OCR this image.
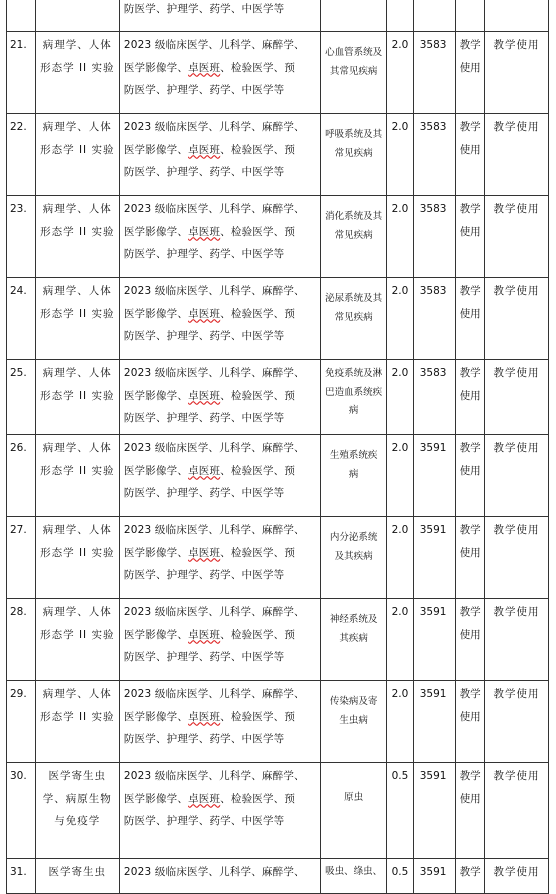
		防医学、护理学、药学、中医学等					

21.	病理学、人体
形态学 II 实验	2023 级临床医学、儿科学、麻醉学、
医学影像学、卓医班、检验医学、预
防医学、护理学、药学、中医学等	心血管系统及
其常见疾病	2.0	3583	教学
使用	教学使用
22.	病理学、人体
形态学 II 实验	2023 级临床医学、儿科学、麻醉学、
医学影像学、卓医班、检验医学、预
防医学、护理学、药学、中医学等	呼吸系统及其
常见疾病	2.0	3583	教学
使用	教学使用
23.	病理学、人体
形态学 II 实验	2023 级临床医学、儿科学、麻醉学、
医学影像学、卓医班、检验医学、预
防医学、护理学、药学、中医学等	消化系统及其
常见疾病	2.0	3583	教学
使用	教学使用
24.	病理学、人体
形态学 II 实验	2023 级临床医学、儿科学、麻醉学、
医学影像学、卓医班、检验医学、预
防医学、护理学、药学、中医学等	泌尿系统及其
常见疾病	2.0	3583	教学
使用	教学使用
25.	病理学、人体
形态学 II 实验	2023 级临床医学、儿科学、麻醉学、
医学影像学、卓医班、检验医学、预
防医学、护理学、药学、中医学等	免疫系统及淋
巴造血系统疾
病	2.0	3583	教学
使用	教学使用
26.	病理学、人体
形态学 II 实验	2023 级临床医学、儿科学、麻醉学、
医学影像学、卓医班、检验医学、预
防医学、护理学、药学、中医学等	生殖系统疾
病	2.0	3591	教学
使用	教学使用
27.	病理学、人体
形态学 II 实验	2023 级临床医学、儿科学、麻醉学、
医学影像学、卓医班、检验医学、预
防医学、护理学、药学、中医学等	内分泌系统
及其疾病	2.0	3591	教学
使用	教学使用
28.	病理学、人体
形态学 II 实验	2023 级临床医学、儿科学、麻醉学、
医学影像学、卓医班、检验医学、预
防医学、护理学、药学、中医学等	神经系统及
其疾病	2.0	3591	教学
使用	教学使用
29.	病理学、人体
形态学 II 实验	2023 级临床医学、儿科学、麻醉学、
医学影像学、卓医班、检验医学、预
防医学、护理学、药学、中医学等	传染病及寄
生虫病	2.0	3591	教学
使用	教学使用
30.	医学寄生虫
学、病原生物
与免疫学	2023 级临床医学、儿科学、麻醉学、
医学影像学、卓医班、检验医学、预
防医学、护理学、药学、中医学等	原虫	0.5	3591	教学
使用	教学使用
31.	医学寄生虫	2023 级临床医学、儿科学、麻醉学、	吸虫、绦虫、	0.5	3591	教学	教学使用
